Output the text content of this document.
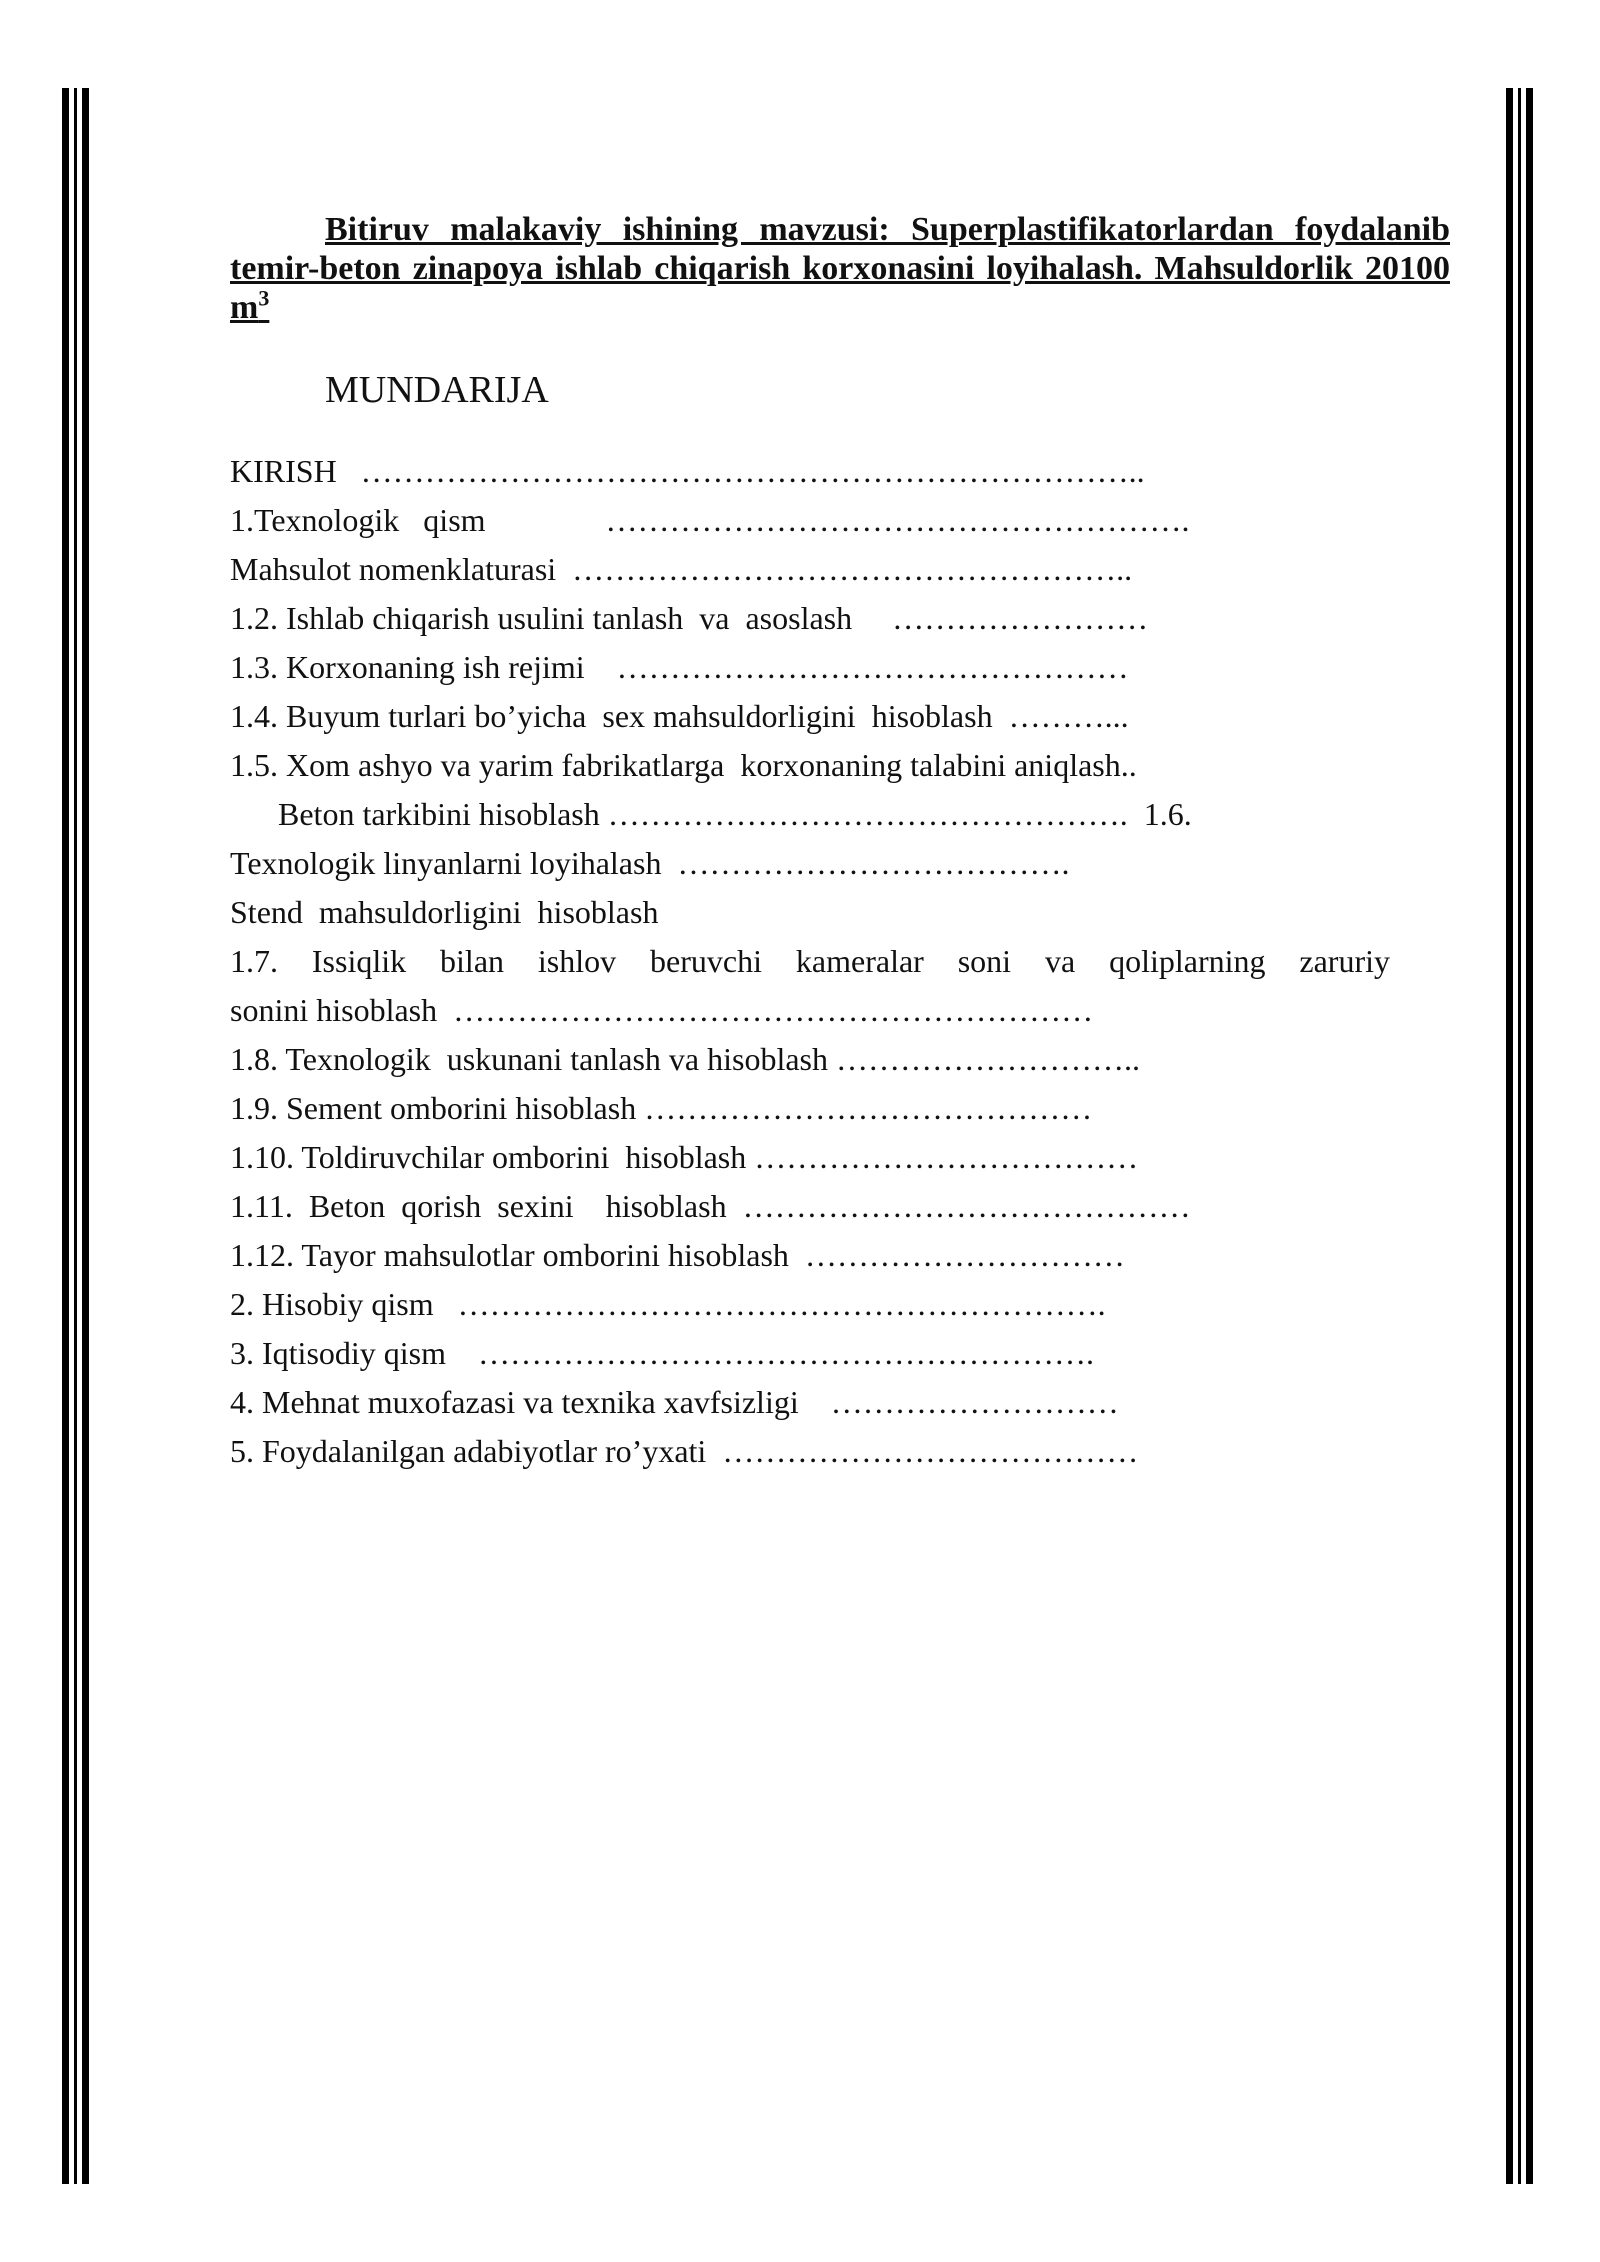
Bitiruv malakaviy ishining mavzusi: Superplastifikatorlardan foydalanib temir-beton zinapoya ishlab chiqarish korxonasini loyihalash. Mahsuldorlik 20100 $m^3$
MUNDARIJA
KIRISH   ………………………………………………………………..
1.Texnologik   qism               ……………………………………………….
Mahsulot nomenklaturasi  ……………………………………………..
1.2. Ishlab chiqarish usulini tanlash  va  asoslash     ……………………
1.3. Korxonaning ish rejimi    …………………………………………
1.4. Buyum turlari bo’yicha  sex mahsuldorligini  hisoblash  ………...
1.5. Xom ashyo va yarim fabrikatlarga  korxonaning talabini aniqlash..
Beton tarkibini hisoblash ………………………………………….  1.6.
Texnologik linyanlarni loyihalash  ……………………………….
Stend  mahsuldorligini  hisoblash
1.7. Issiqlik bilan ishlov beruvchi kameralar soni va qoliplarning zaruriy
sonini hisoblash  ……………………………………………………
1.8. Texnologik  uskunani tanlash va hisoblash ………………………..
1.9. Sement omborini hisoblash ……………………………………
1.10. Toldiruvchilar omborini  hisoblash ………………………………
1.11.  Beton  qorish  sexini    hisoblash  ……………………………………
1.12. Tayor mahsulotlar omborini hisoblash  …………………………
2. Hisobiy qism   …………………………………………………….
3. Iqtisodiy qism    ………………………………………………….
4. Mehnat muxofazasi va texnika xavfsizligi    ………………………
5. Foydalanilgan adabiyotlar ro’yxati  …………………………………
